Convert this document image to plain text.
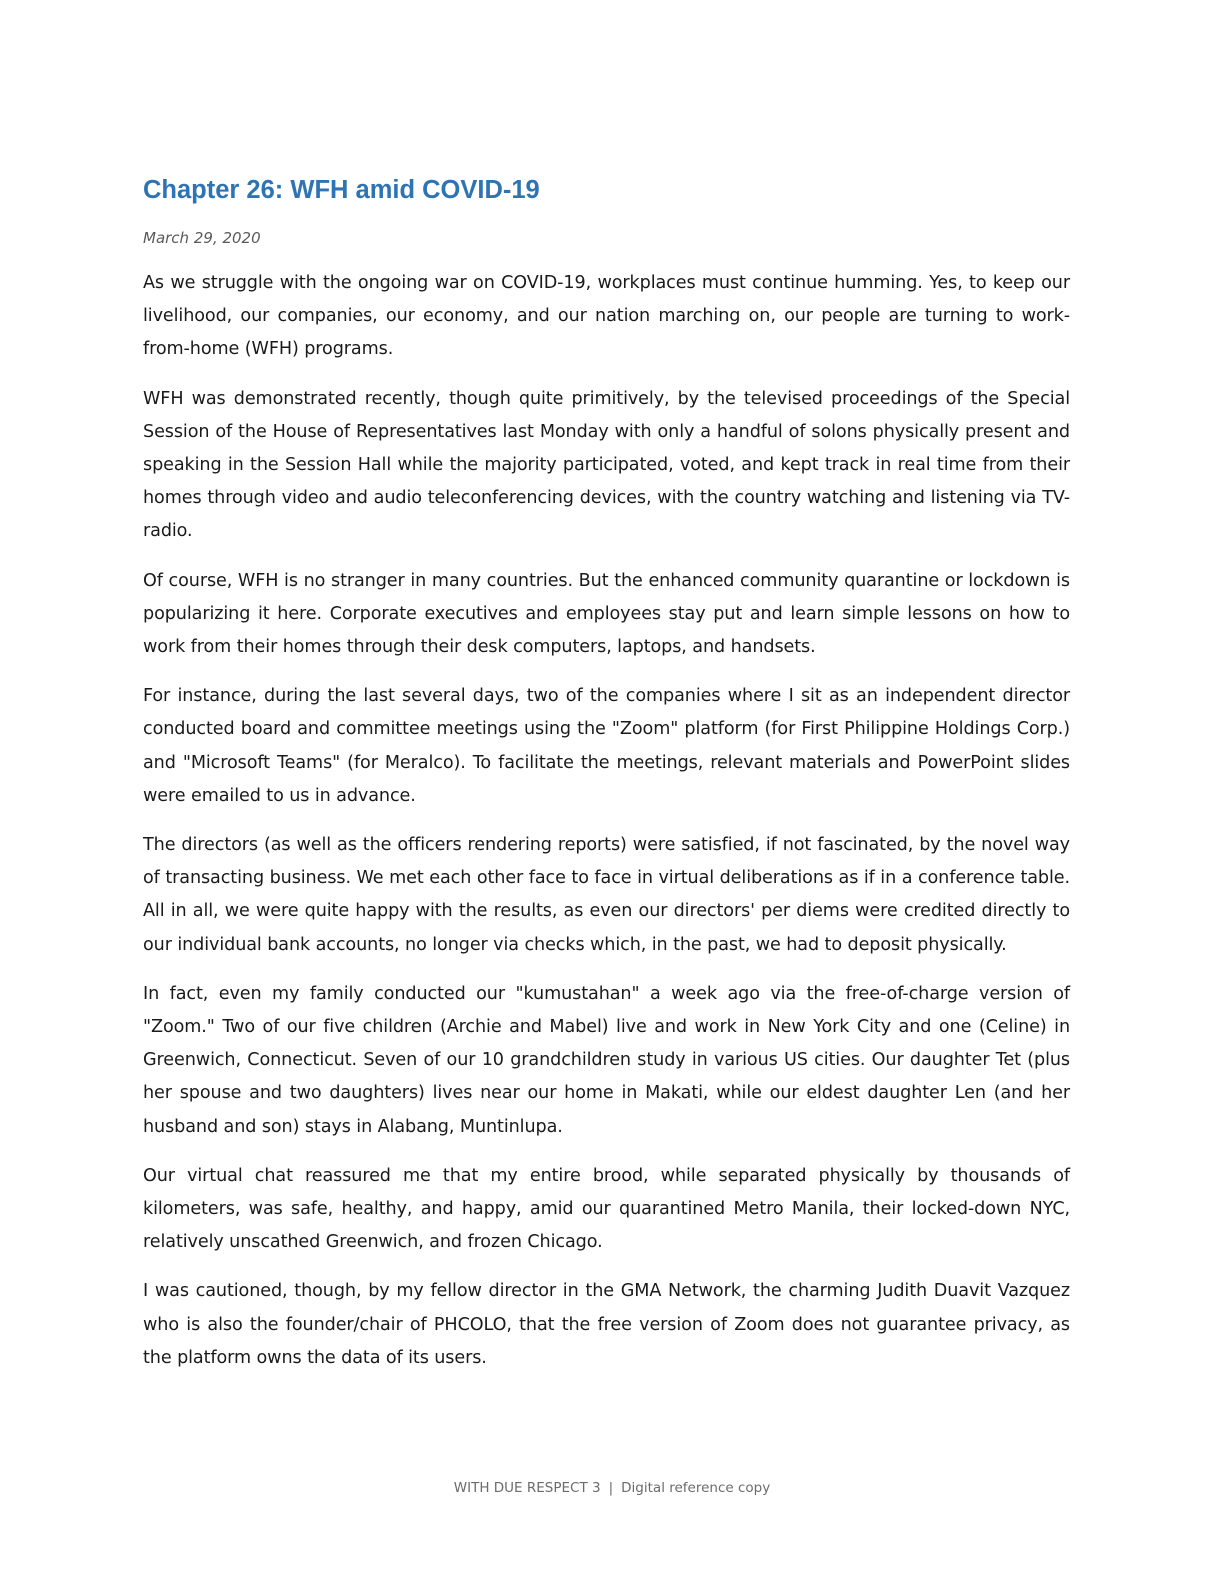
Chapter 26: WFH amid COVID-19

March 29, 2020

As we struggle with the ongoing war on COVID-19, workplaces must continue humming. Yes, to keep our livelihood, our companies, our economy, and our nation marching on, our people are turning to work-from-home (WFH) programs.

WFH was demonstrated recently, though quite primitively, by the televised proceedings of the Special Session of the House of Representatives last Monday with only a handful of solons physically present and speaking in the Session Hall while the majority participated, voted, and kept track in real time from their homes through video and audio teleconferencing devices, with the country watching and listening via TV-radio.

Of course, WFH is no stranger in many countries. But the enhanced community quarantine or lockdown is popularizing it here. Corporate executives and employees stay put and learn simple lessons on how to work from their homes through their desk computers, laptops, and handsets.

For instance, during the last several days, two of the companies where I sit as an independent director conducted board and committee meetings using the "Zoom" platform (for First Philippine Holdings Corp.) and "Microsoft Teams" (for Meralco). To facilitate the meetings, relevant materials and PowerPoint slides were emailed to us in advance.

The directors (as well as the officers rendering reports) were satisfied, if not fascinated, by the novel way of transacting business. We met each other face to face in virtual deliberations as if in a conference table. All in all, we were quite happy with the results, as even our directors' per diems were credited directly to our individual bank accounts, no longer via checks which, in the past, we had to deposit physically.

In fact, even my family conducted our "kumustahan" a week ago via the free-of-charge version of "Zoom." Two of our five children (Archie and Mabel) live and work in New York City and one (Celine) in Greenwich, Connecticut. Seven of our 10 grandchildren study in various US cities. Our daughter Tet (plus her spouse and two daughters) lives near our home in Makati, while our eldest daughter Len (and her husband and son) stays in Alabang, Muntinlupa.

Our virtual chat reassured me that my entire brood, while separated physically by thousands of kilometers, was safe, healthy, and happy, amid our quarantined Metro Manila, their locked-down NYC, relatively unscathed Greenwich, and frozen Chicago.

I was cautioned, though, by my fellow director in the GMA Network, the charming Judith Duavit Vazquez who is also the founder/chair of PHCOLO, that the free version of Zoom does not guarantee privacy, as the platform owns the data of its users.

WITH DUE RESPECT 3 | Digital reference copy
